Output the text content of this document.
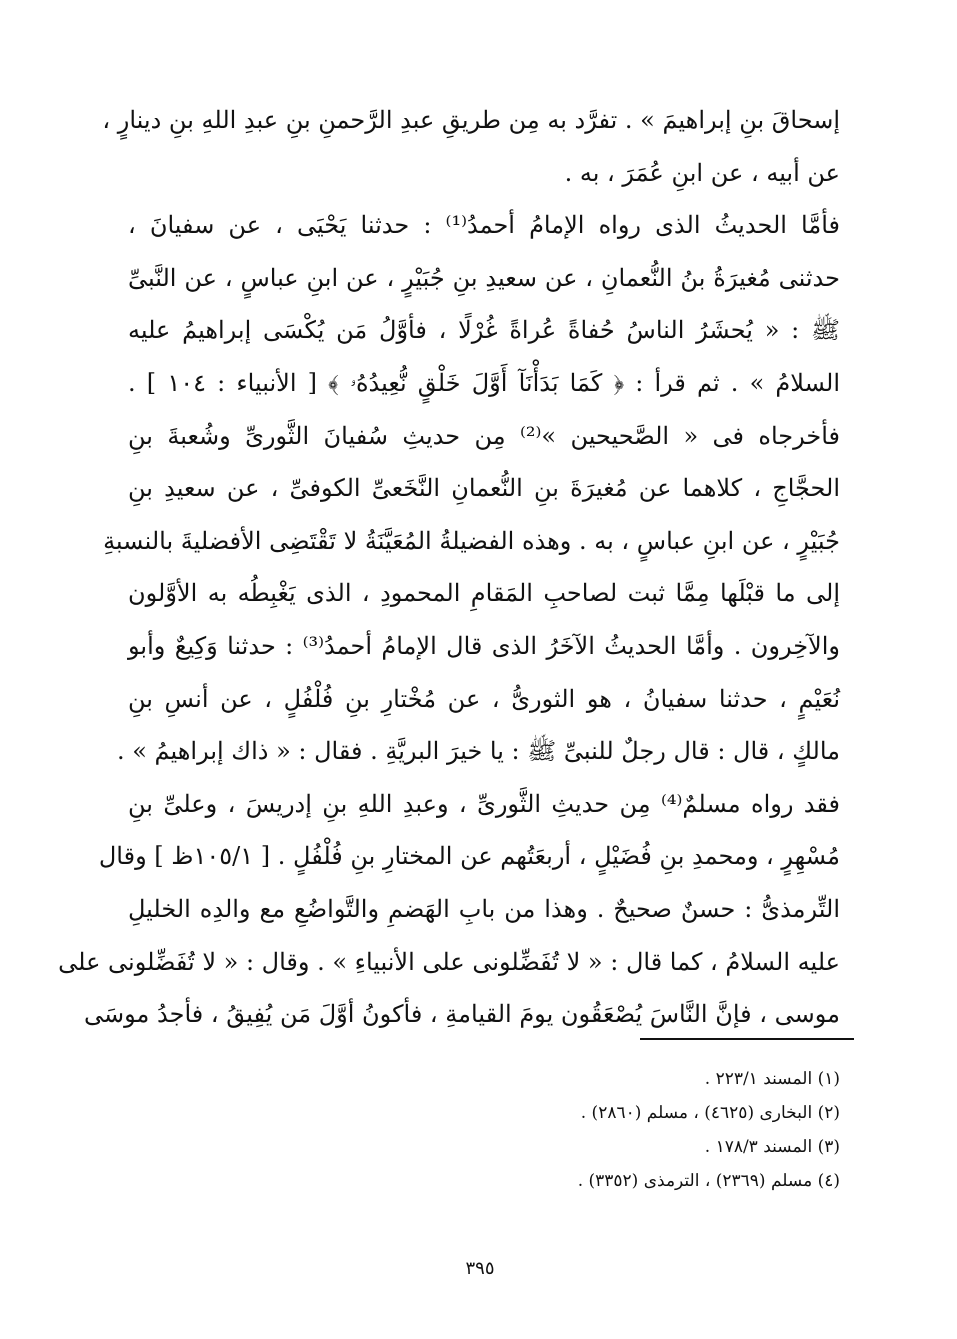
إسحاقَ بنِ إبراهيمَ » . تفرَّد به مِن طريقِ عبدِ الرَّحمنِ بنِ عبدِ اللهِ بنِ دينارٍ ،
عن أبيه ، عن ابنِ عُمَرَ ، به .
فأمَّا الحديثُ الذى رواه الإمامُ أحمدُ⁽¹⁾ : حدثنا يَحْيَى ، عن سفيانَ ،
حدثنى مُغيرَةُ بنُ النُّعمانِ ، عن سعيدِ بنِ جُبَيْرٍ ، عن ابنِ عباسٍ ، عن النَّبىِّ
ﷺ : « يُحشَرُ الناسُ حُفاةً عُراةً غُرْلًا ، فأوَّلُ مَن يُكْسَى إبراهيمُ عليه
السلامُ » . ثم قرأ : ﴿ كَمَا بَدَأْنَآ أَوَّلَ خَلْقٍ نُّعِيدُهُۥ ﴾ [ الأنبياء : ١٠٤ ] .
فأخرجاه فى « الصَّحيحين »⁽²⁾ مِن حديثِ سُفيانَ الثَّورىِّ وشُعبةَ بنِ
الحجَّاجِ ، كلاهما عن مُغيرَةَ بنِ النُّعمانِ النَّخَعىِّ الكوفىِّ ، عن سعيدِ بنِ
جُبَيْرٍ ، عن ابنِ عباسٍ ، به . وهذه الفضيلةُ المُعَيَّنَةُ لا تَقْتَضِى الأفضليةَ بالنسبةِ
إلى ما قبْلَها مِمَّا ثبت لصاحبِ المَقامِ المحمودِ ، الذى يَغْبِطُه به الأوَّلون
والآخِرون . وأمَّا الحديثُ الآخَرُ الذى قال الإمامُ أحمدُ⁽³⁾ : حدثنا وَكِيعٌ وأبو
نُعَيْمٍ ، حدثنا سفيانُ ، هو الثورىُّ ، عن مُخْتارِ بنِ فُلْفُلٍ ، عن أنسِ بنِ
مالكٍ ، قال : قال رجلٌ للنبىِّ ﷺ : يا خيرَ البريَّةِ . فقال : « ذاك إبراهيمُ » .
فقد رواه مسلمٌ⁽⁴⁾ مِن حديثِ الثَّورىِّ ، وعبدِ اللهِ بنِ إدريسَ ، وعلىِّ بنِ
مُسْهِرٍ ، ومحمدِ بنِ فُضَيْلٍ ، أربعَتُهم عن المختارِ بنِ فُلْفُلٍ . [ ١٠٥/١ظ ] وقال
التِّرمذىُّ : حسنٌ صحيحٌ . وهذا من بابِ الهَضمِ والتَّواضُعِ مع والدِه الخليلِ
عليه السلامُ ، كما قال : « لا تُفَضِّلونى على الأنبياءِ » . وقال : « لا تُفَضِّلونى على
موسى ، فإنَّ النَّاسَ يُصْعَقُون يومَ القيامةِ ، فأكونُ أوَّلَ مَن يُفِيقُ ، فأجدُ موسَى
(١) المسند ٢٢٣/١ .
(٢) البخارى (٤٦٢٥) ، مسلم (٢٨٦٠) .
(٣) المسند ١٧٨/٣ .
(٤) مسلم (٢٣٦٩) ، الترمذى (٣٣٥٢) .
٣٩٥
